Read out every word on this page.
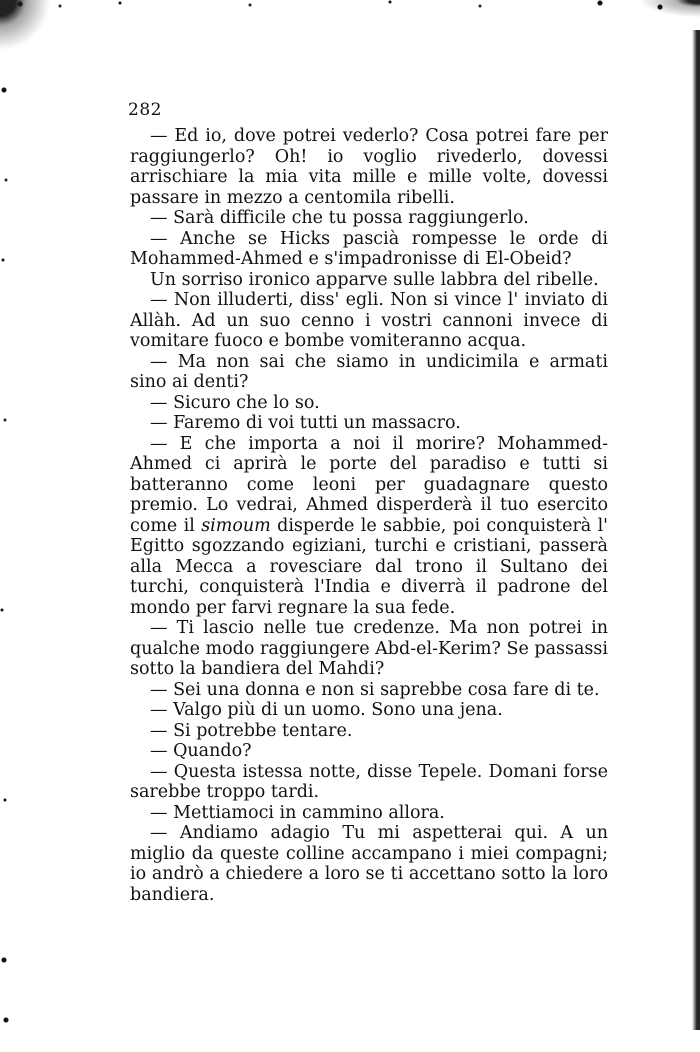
282

— Ed io, dove potrei vederlo? Cosa potrei fare per raggiungerlo? Oh! io voglio rivederlo, dovessi arrischiare la mia vita mille e mille volte, dovessi passare in mezzo a centomila ribelli.

— Sarà difficile che tu possa raggiungerlo.

— Anche se Hicks pascià rompesse le orde di Mohammed-Ahmed e s'impadronisse di El-Obeid?

Un sorriso ironico apparve sulle labbra del ribelle.

— Non illuderti, diss' egli. Non si vince l' inviato di Allàh. Ad un suo cenno i vostri cannoni invece di vomitare fuoco e bombe vomiteranno acqua.

— Ma non sai che siamo in undicimila e armati sino ai denti?

— Sicuro che lo so.

— Faremo di voi tutti un massacro.

— E che importa a noi il morire? Mohammed-Ahmed ci aprirà le porte del paradiso e tutti si batteranno come leoni per guadagnare questo premio. Lo vedrai, Ahmed disperderà il tuo esercito come il simoum disperde le sabbie, poi conquisterà l' Egitto sgozzando egiziani, turchi e cristiani, passerà alla Mecca a rovesciare dal trono il Sultano dei turchi, conquisterà l'India e diverrà il padrone del mondo per farvi regnare la sua fede.

— Ti lascio nelle tue credenze. Ma non potrei in qualche modo raggiungere Abd-el-Kerim? Se passassi sotto la bandiera del Mahdi?

— Sei una donna e non si saprebbe cosa fare di te.

— Valgo più di un uomo. Sono una jena.

— Si potrebbe tentare.

— Quando?

— Questa istessa notte, disse Tepele. Domani forse sarebbe troppo tardi.

— Mettiamoci in cammino allora.

— Andiamo adagio Tu mi aspetterai qui. A un miglio da queste colline accampano i miei compagni; io andrò a chiedere a loro se ti accettano sotto la loro bandiera.
